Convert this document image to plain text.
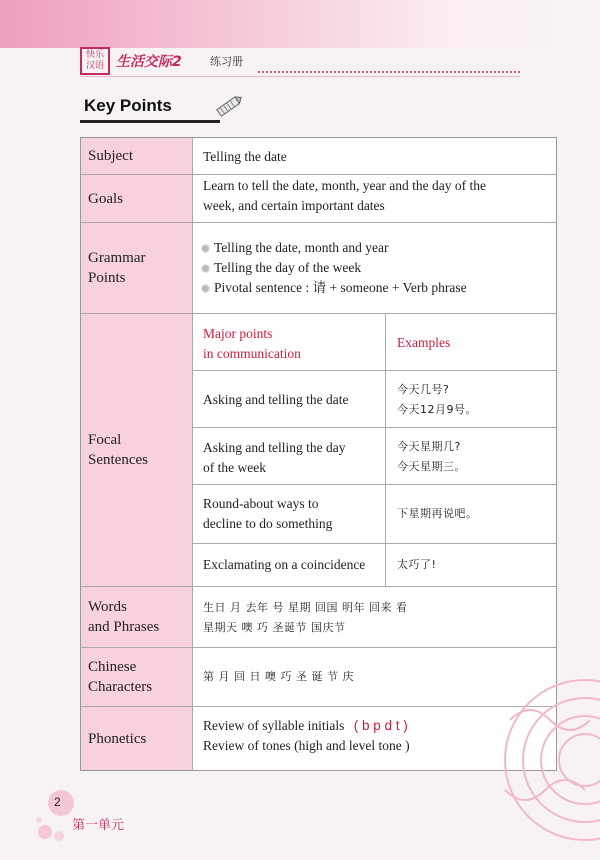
快乐汉语 生活交际2	练习册
Key Points
Subject
Goals
Grammar
Points
Focal
Sentences
Words
and Phrases
Chinese
Characters
Phonetics
Telling the date
Learn to tell the date, month, year and the day of the
week, and certain important dates
Telling the date, month and year
Telling the day of the week
Pivotal sentence : 请 + someone + Verb phrase
Major points
in communication
Examples
Asking and telling the date
今天几号?
今天12月9号。
Asking and telling the day
of the week
今天星期几?
今天星期三。
Round-about ways to
decline to do something
下星期再说吧。
Exclamating on a coincidence	太巧了!
生日 月 去年 号 星期 回国 明年 回来 看
星期天 噢 巧 圣诞节 国庆节
第 月 回 日 噢 巧 圣 诞 节 庆
Review of syllable initials ( b p d t )
Review of tones (high and level tone )
2
第一单元
